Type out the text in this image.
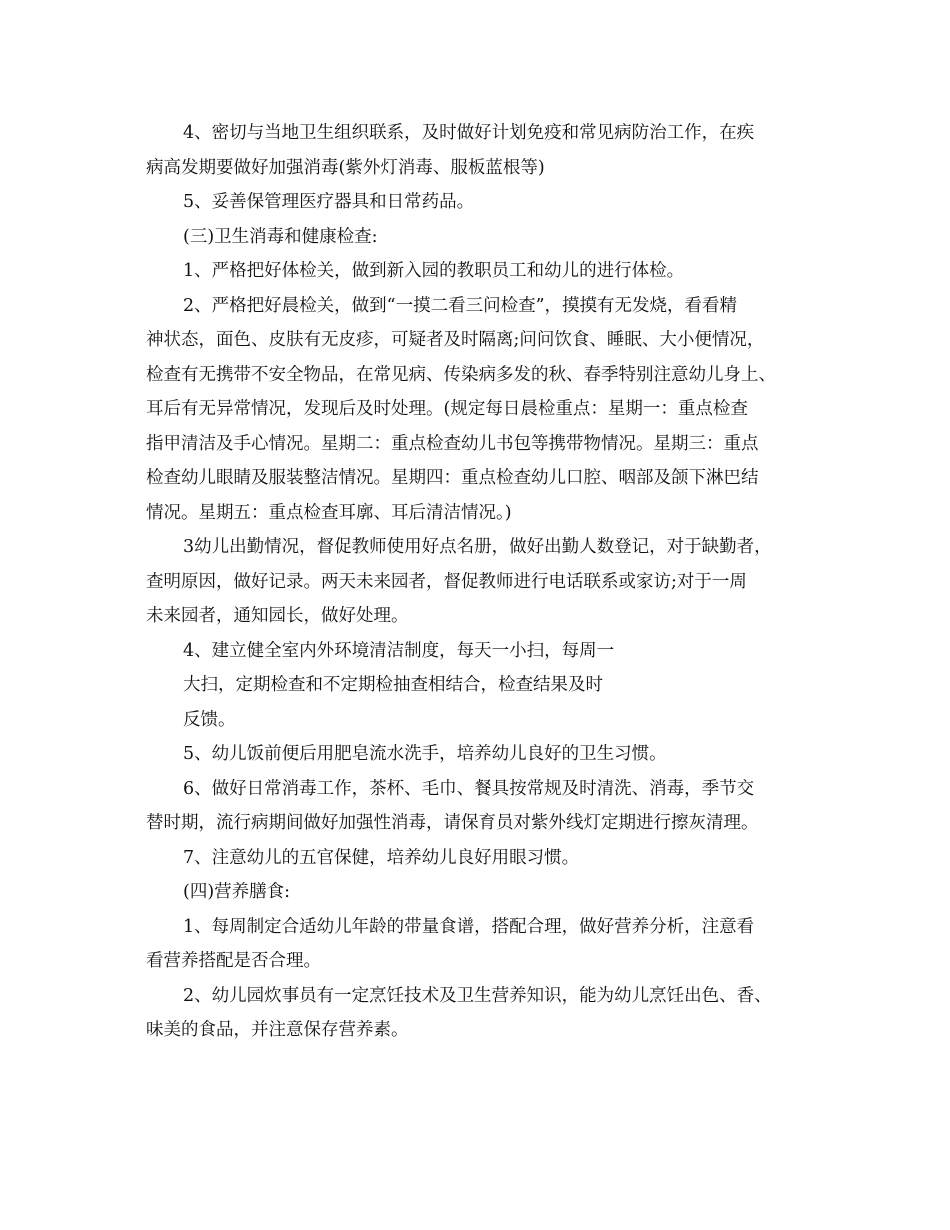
4、密切与当地卫生组织联系，及时做好计划免疫和常见病防治工作，在疾
病高发期要做好加强消毒(紫外灯消毒、服板蓝根等)
5、妥善保管理医疗器具和日常药品。
(三)卫生消毒和健康检查:
1、严格把好体检关，做到新入园的教职员工和幼儿的进行体检。
2、严格把好晨检关，做到“一摸二看三问检查”，摸摸有无发烧，看看精
神状态，面色、皮肤有无皮疹，可疑者及时隔离;问问饮食、睡眠、大小便情况，
检查有无携带不安全物品，在常见病、传染病多发的秋、春季特别注意幼儿身上、
耳后有无异常情况，发现后及时处理。(规定每日晨检重点：星期一：重点检查
指甲清洁及手心情况。星期二：重点检查幼儿书包等携带物情况。星期三：重点
检查幼儿眼睛及服装整洁情况。星期四：重点检查幼儿口腔、咽部及颌下淋巴结
情况。星期五：重点检查耳廓、耳后清洁情况。)
3幼儿出勤情况，督促教师使用好点名册，做好出勤人数登记，对于缺勤者，
查明原因，做好记录。两天未来园者，督促教师进行电话联系或家访;对于一周
未来园者，通知园长，做好处理。
4、建立健全室内外环境清洁制度，每天一小扫，每周一
大扫，定期检查和不定期检抽查相结合，检查结果及时
反馈。
5、幼儿饭前便后用肥皂流水洗手，培养幼儿良好的卫生习惯。
6、做好日常消毒工作，茶杯、毛巾、餐具按常规及时清洗、消毒，季节交
替时期，流行病期间做好加强性消毒，请保育员对紫外线灯定期进行擦灰清理。
7、注意幼儿的五官保健，培养幼儿良好用眼习惯。
(四)营养膳食:
1、每周制定合适幼儿年龄的带量食谱，搭配合理，做好营养分析，注意看
看营养搭配是否合理。
2、幼儿园炊事员有一定烹饪技术及卫生营养知识，能为幼儿烹饪出色、香、
味美的食品，并注意保存营养素。
